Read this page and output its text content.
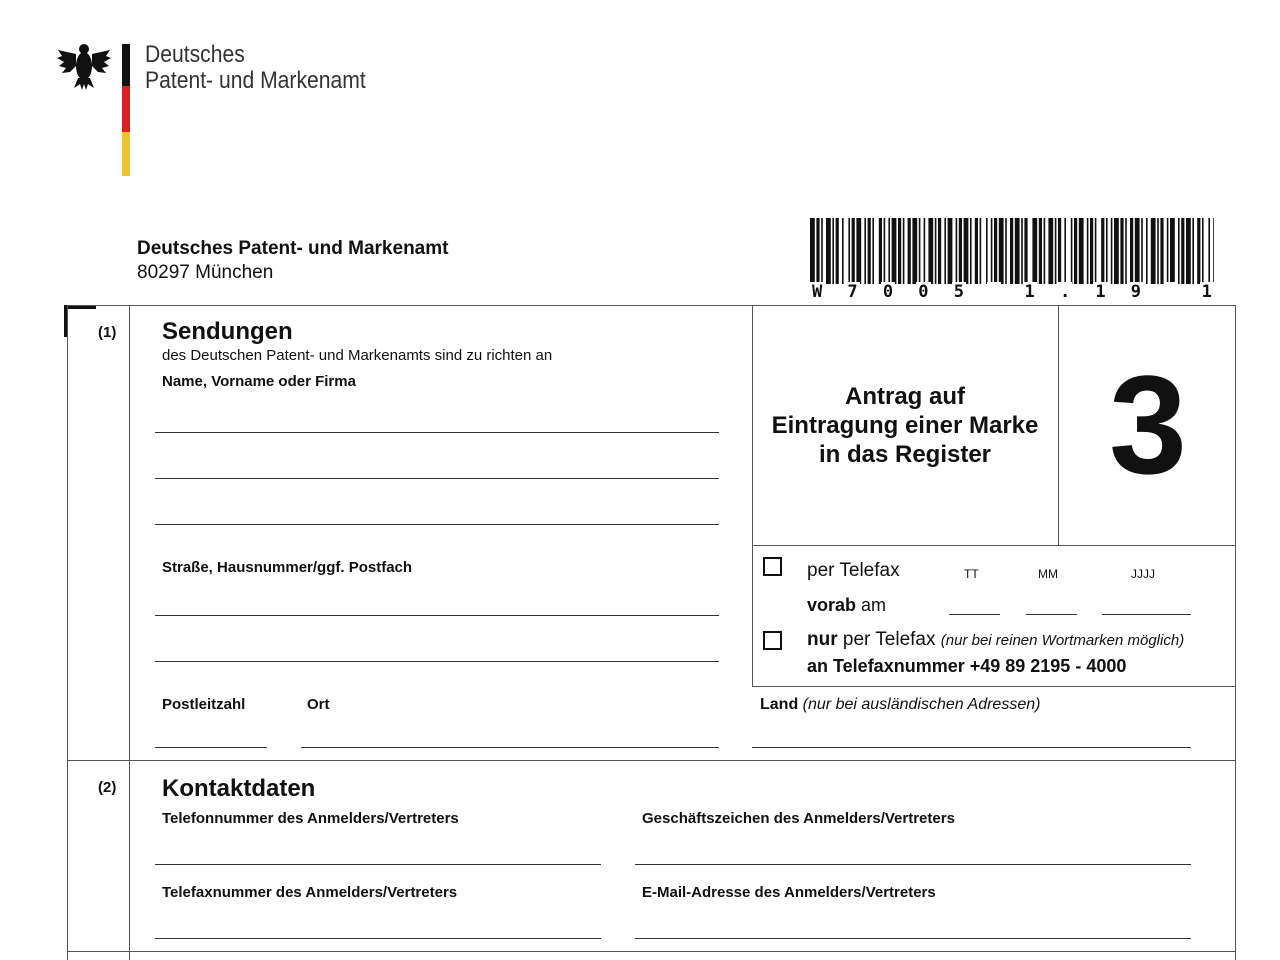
Deutsches
Patent- und Markenamt
Deutsches Patent- und Markenamt
80297 München
W 7 0 0 5
	1 . 1 9
	1
(1) Sendungen
des Deutschen Patent- und Markenamts sind zu richten an
Name, Vorname oder Firma
Straße, Hausnummer/ggf. Postfach
Postleitzahl	Ort	Land (nur bei ausländischen Adressen)
Antrag auf
Eintragung einer Marke
in das Register 3
per Telefax	TT	MM	JJJJ
vorab am
nur per Telefax (nur bei reinen Wortmarken möglich)
an Telefaxnummer +49 89 2195 - 4000
(2) Kontaktdaten
Telefonnummer des Anmelders/Vertreters	Geschäftszeichen des Anmelders/Vertreters
Telefaxnummer des Anmelders/Vertreters	E-Mail-Adresse des Anmelders/Vertreters
